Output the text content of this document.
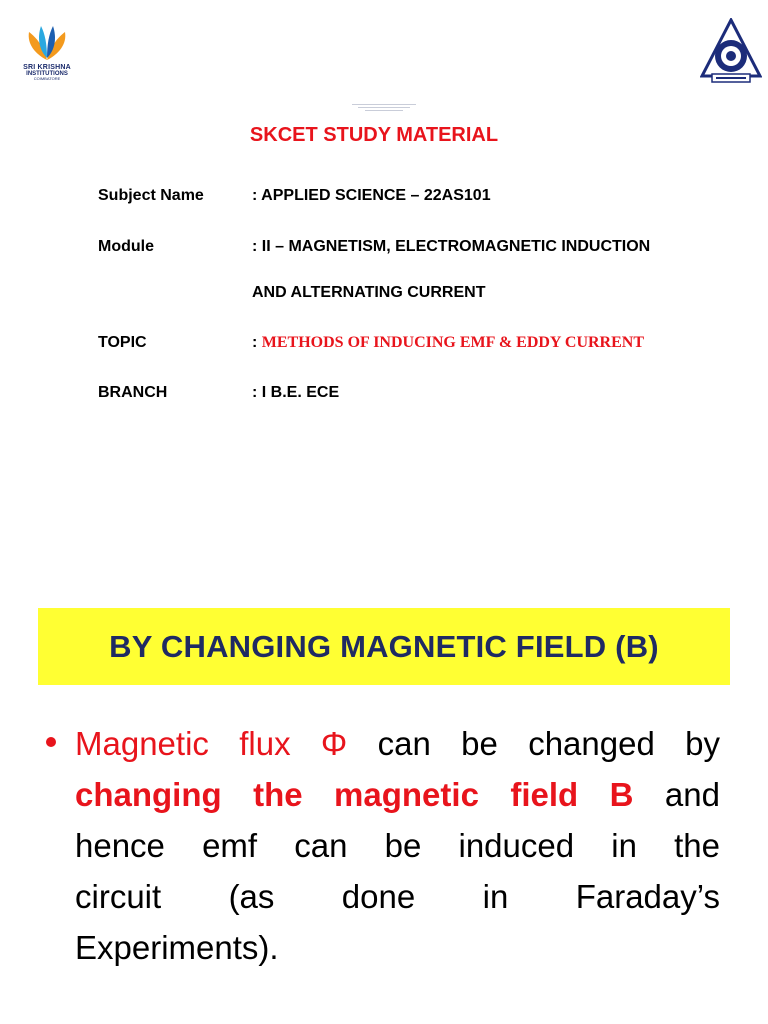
SRI KRISHNA
INSTITUTIONS
COIMBATORE
SKCET STUDY MATERIAL
Subject Name	: APPLIED SCIENCE – 22AS101
Module	: II – MAGNETISM, ELECTROMAGNETIC INDUCTION
AND ALTERNATING CURRENT
TOPIC	: METHODS OF INDUCING EMF & EDDY CURRENT
BRANCH	: I B.E. ECE
BY CHANGING MAGNETIC FIELD (B)
Magnetic flux Φ can be changed by
changing the magnetic field B and
hence emf can be induced in the
circuit (as done in Faraday’s
Experiments).
